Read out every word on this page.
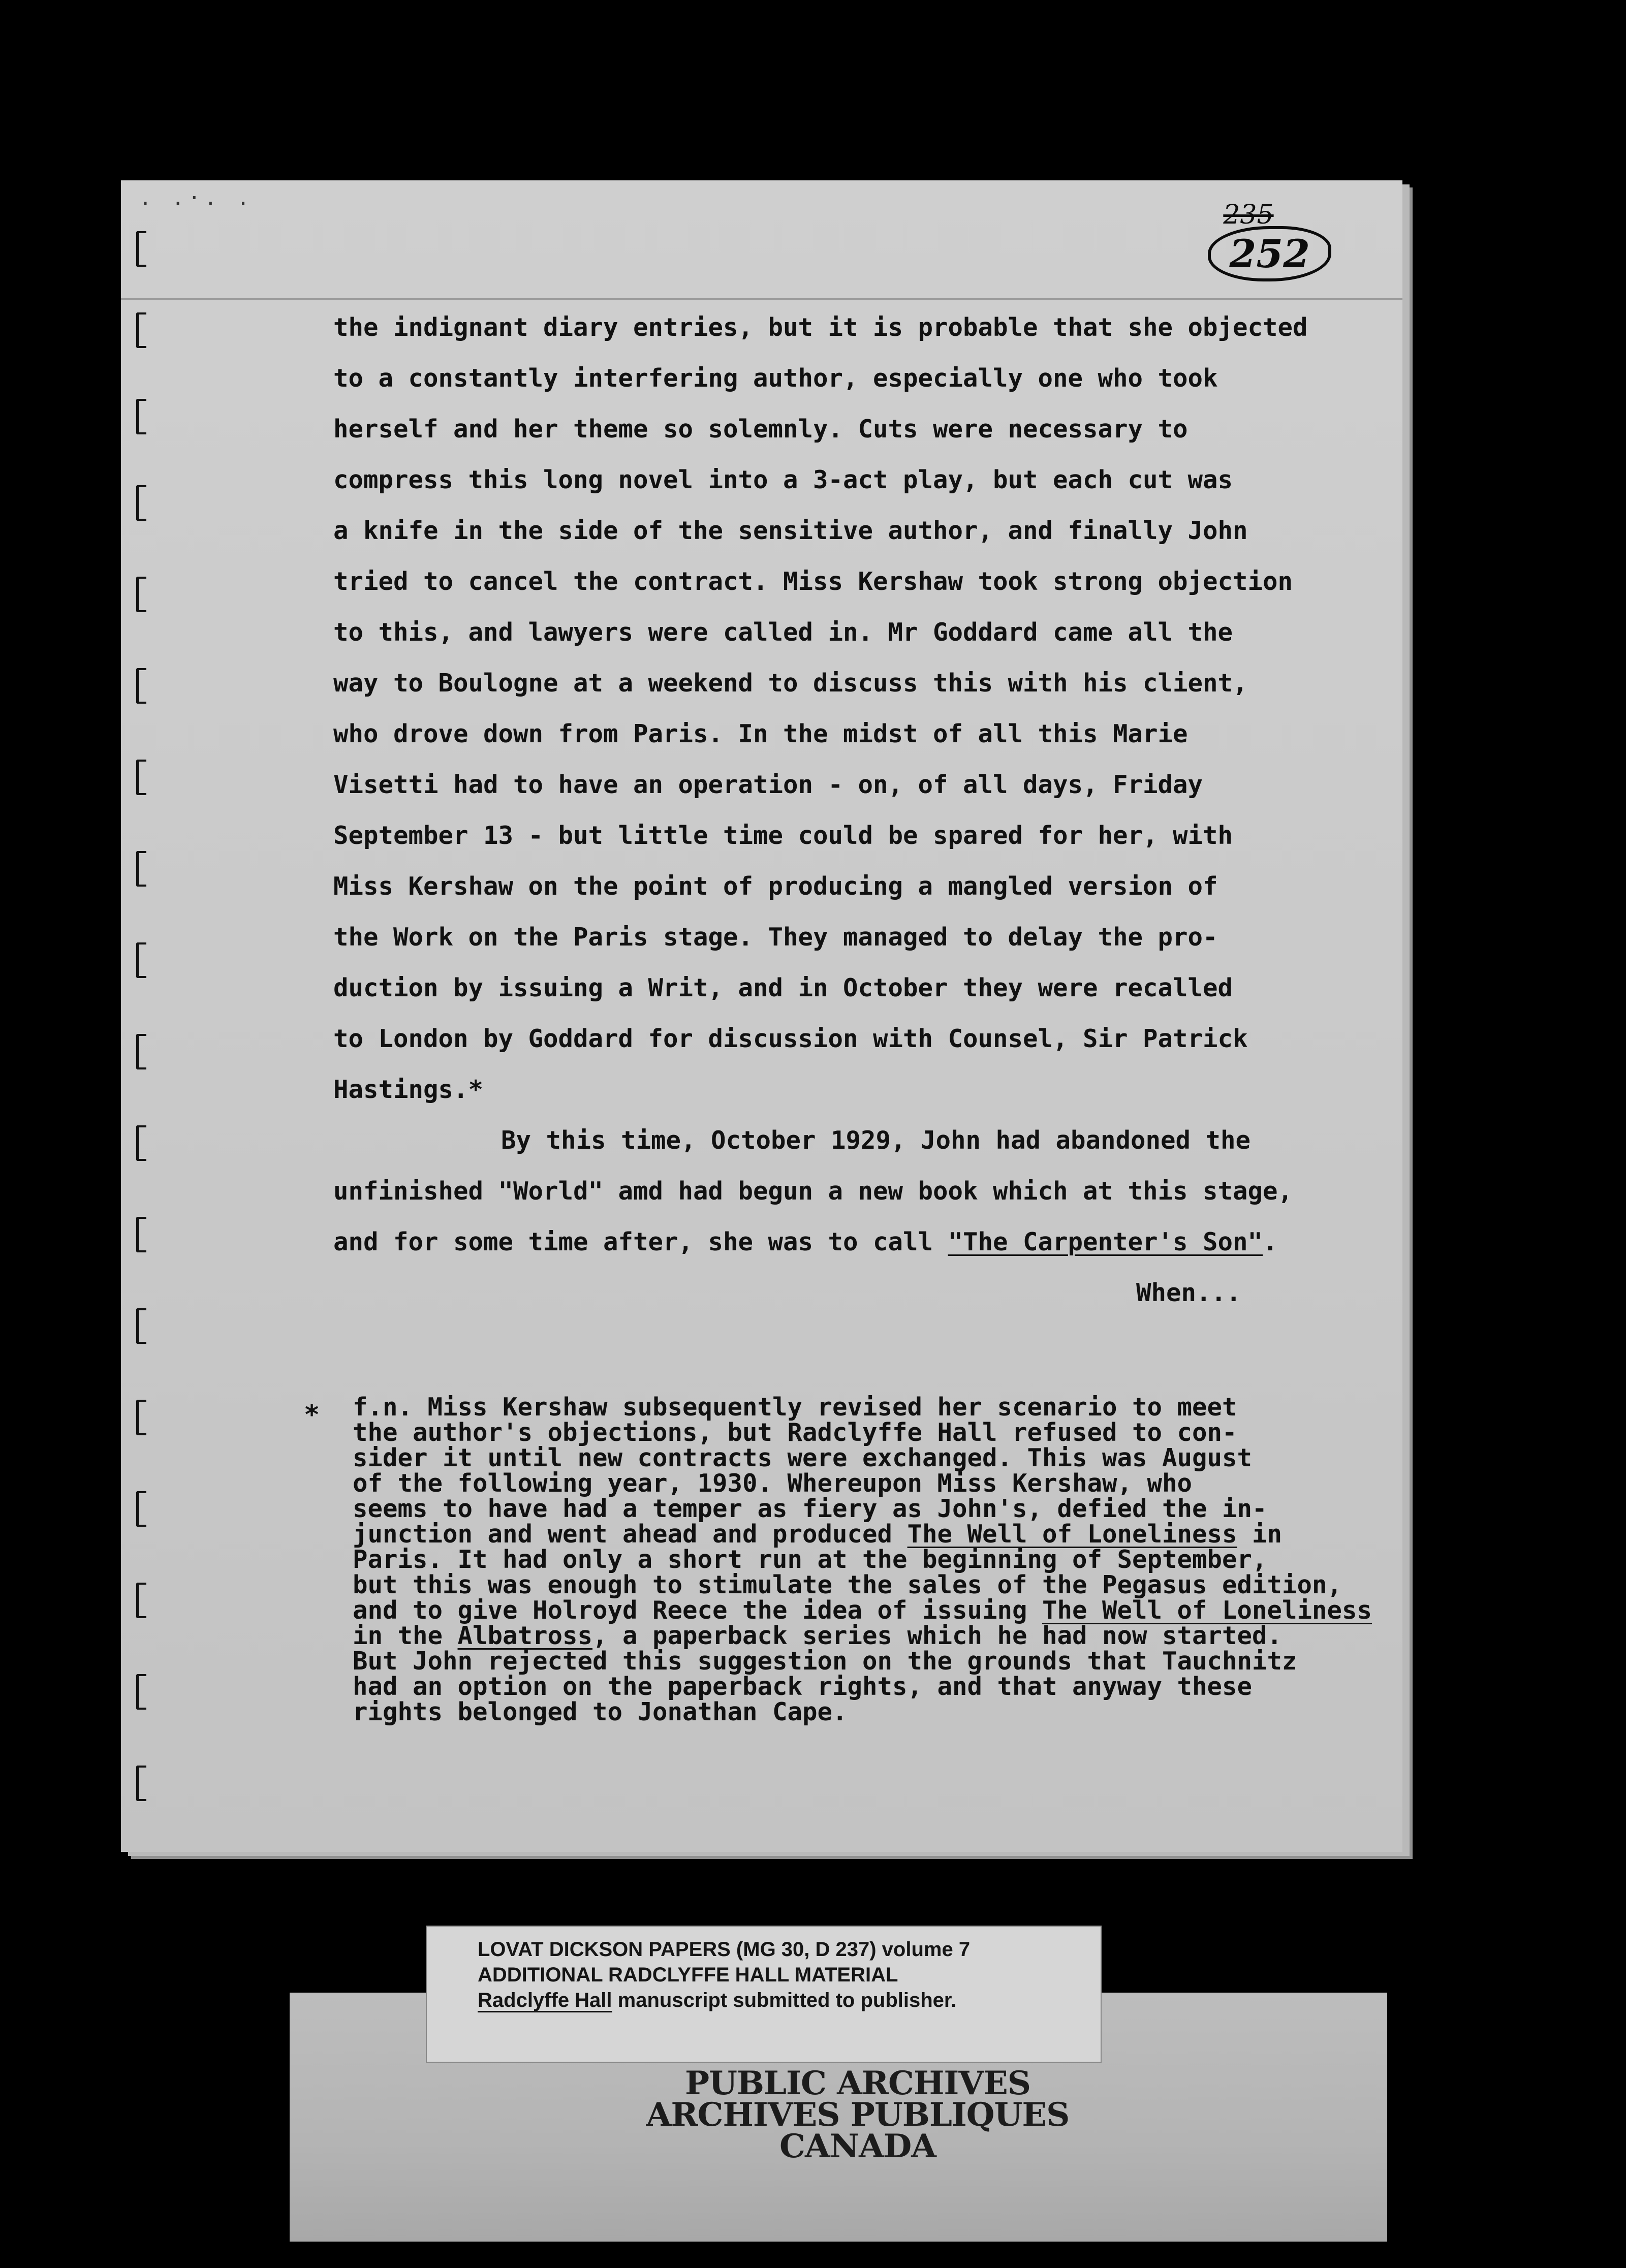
. .·. .
235
252
the indignant diary entries, but it is probable that she objected
to a constantly interfering author, especially one who took
herself and her theme so solemnly. Cuts were necessary to
compress this long novel into a 3-act play, but each cut was
a knife in the side of the sensitive author, and finally John
tried to cancel the contract. Miss Kershaw took strong objection
to this, and lawyers were called in. Mr Goddard came all the
way to Boulogne at a weekend to discuss this with his client,
who drove down from Paris. In the midst of all this Marie
Visetti had to have an operation - on, of all days, Friday
September 13 - but little time could be spared for her, with
Miss Kershaw on the point of producing a mangled version of
the Work on the Paris stage. They managed to delay the pro-
duction by issuing a Writ, and in October they were recalled
to London by Goddard for discussion with Counsel, Sir Patrick
Hastings.*
By this time, October 1929, John had abandoned the
unfinished "World" amd had begun a new book which at this stage,
and for some time after, she was to call "The Carpenter's Son".
When...
* f.n. Miss Kershaw subsequently revised her scenario to meet
the author's objections, but Radclyffe Hall refused to con-
sider it until new contracts were exchanged. This was August
of the following year, 1930. Whereupon Miss Kershaw, who
seems to have had a temper as fiery as John's, defied the in-
junction and went ahead and produced The Well of Loneliness in
Paris. It had only a short run at the beginning of September,
but this was enough to stimulate the sales of the Pegasus edition,
and to give Holroyd Reece the idea of issuing The Well of Loneliness
in the Albatross, a paperback series which he had now started.
But John rejected this suggestion on the grounds that Tauchnitz
had an option on the paperback rights, and that anyway these
rights belonged to Jonathan Cape.
PUBLIC ARCHIVES
ARCHIVES PUBLIQUES
CANADA
LOVAT DICKSON PAPERS (MG 30, D 237) volume 7
ADDITIONAL RADCLYFFE HALL MATERIAL
Radclyffe Hall manuscript submitted to publisher.
